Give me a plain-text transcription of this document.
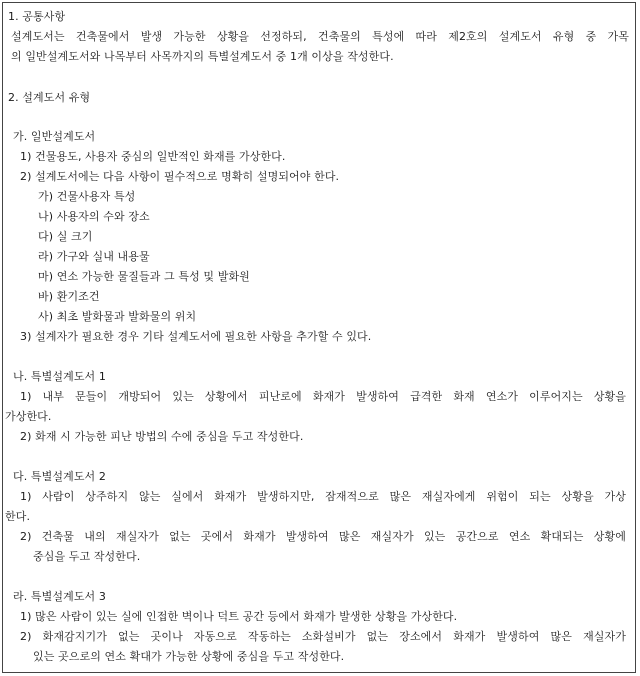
1. 공통사항
설계도서는 건축물에서 발생 가능한 상황을 선정하되, 건축물의 특성에 따라 제2호의 설계도서 유형 중 가목
의 일반설계도서와 나목부터 사목까지의 특별설계도서 중 1개 이상을 작성한다.
2. 설계도서 유형
가. 일반설계도서
1) 건물용도, 사용자 중심의 일반적인 화재를 가상한다.
2) 설계도서에는 다음 사항이 필수적으로 명확히 설명되어야 한다.
가) 건물사용자 특성
나) 사용자의 수와 장소
다) 실 크기
라) 가구와 실내 내용물
마) 연소 가능한 물질들과 그 특성 및 발화원
바) 환기조건
사) 최초 발화물과 발화물의 위치
3) 설계자가 필요한 경우 기타 설계도서에 필요한 사항을 추가할 수 있다.
나. 특별설계도서 1
1) 내부 문들이 개방되어 있는 상황에서 피난로에 화재가 발생하여 급격한 화재 연소가 이루어지는 상황을
가상한다.
2) 화재 시 가능한 피난 방법의 수에 중심을 두고 작성한다.
다. 특별설계도서 2
1) 사람이 상주하지 않는 실에서 화재가 발생하지만, 잠재적으로 많은 재실자에게 위험이 되는 상황을 가상
한다.
2) 건축물 내의 재실자가 없는 곳에서 화재가 발생하여 많은 재실자가 있는 공간으로 연소 확대되는 상황에
중심을 두고 작성한다.
라. 특별설계도서 3
1) 많은 사람이 있는 실에 인접한 벽이나 덕트 공간 등에서 화재가 발생한 상황을 가상한다.
2) 화재감지기가 없는 곳이나 자동으로 작동하는 소화설비가 없는 장소에서 화재가 발생하여 많은 재실자가
있는 곳으로의 연소 확대가 가능한 상황에 중심을 두고 작성한다.
